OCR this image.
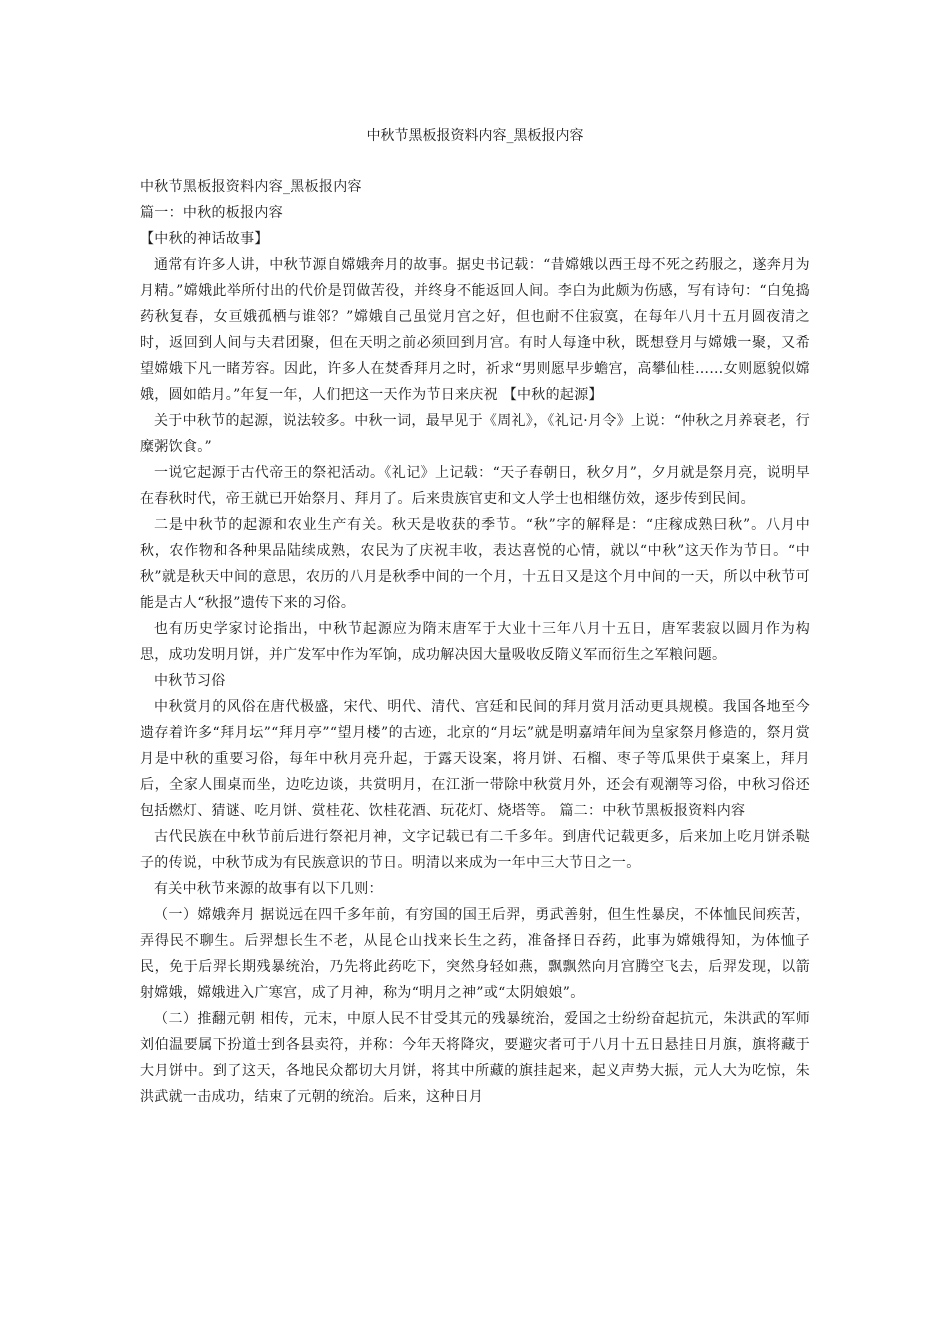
中秋节黑板报资料内容_黑板报内容

中秋节黑板报资料内容_黑板报内容

篇一：中秋的板报内容

【中秋的神话故事】

通常有许多人讲，中秋节源自嫦娥奔月的故事。据史书记载：“昔嫦娥以西王母不死之药服之，遂奔月为月精。”嫦娥此举所付出的代价是罚做苦役，并终身不能返回人间。李白为此颇为伤感，写有诗句：“白兔捣药秋复春，女亘娥孤栖与谁邻？”嫦娥自己虽觉月宫之好，但也耐不住寂寞，在每年八月十五月圆夜清之时，返回到人间与夫君团聚，但在天明之前必须回到月宫。有时人每逢中秋，既想登月与嫦娥一聚，又希望嫦娥下凡一睹芳容。因此，许多人在焚香拜月之时，祈求“男则愿早步蟾宫，高攀仙桂……女则愿貌似嫦娥，圆如皓月。”年复一年，人们把这一天作为节日来庆祝 【中秋的起源】

关于中秋节的起源，说法较多。中秋一词，最早见于《周礼》，《礼记·月令》上说：“仲秋之月养衰老，行糜粥饮食。”

一说它起源于古代帝王的祭祀活动。《礼记》上记载：“天子春朝日，秋夕月”，夕月就是祭月亮，说明早在春秋时代，帝王就已开始祭月、拜月了。后来贵族官吏和文人学士也相继仿效，逐步传到民间。

二是中秋节的起源和农业生产有关。秋天是收获的季节。“秋”字的解释是：“庄稼成熟曰秋”。八月中秋，农作物和各种果品陆续成熟，农民为了庆祝丰收，表达喜悦的心情，就以“中秋”这天作为节日。“中秋”就是秋天中间的意思，农历的八月是秋季中间的一个月，十五日又是这个月中间的一天，所以中秋节可能是古人“秋报”遗传下来的习俗。

也有历史学家讨论指出，中秋节起源应为隋末唐军于大业十三年八月十五日，唐军裴寂以圆月作为构思，成功发明月饼，并广发军中作为军饷，成功解决因大量吸收反隋义军而衍生之军粮问题。

中秋节习俗

中秋赏月的风俗在唐代极盛，宋代、明代、清代、宫廷和民间的拜月赏月活动更具规模。我国各地至今遗存着许多“拜月坛”“拜月亭”“望月楼”的古迹，北京的“月坛”就是明嘉靖年间为皇家祭月修造的，祭月赏月是中秋的重要习俗，每年中秋月亮升起，于露天设案，将月饼、石榴、枣子等瓜果供于桌案上，拜月后，全家人围桌而坐，边吃边谈，共赏明月，在江浙一带除中秋赏月外，还会有观潮等习俗，中秋习俗还包括燃灯、猜谜、吃月饼、赏桂花、饮桂花酒、玩花灯、烧塔等。 篇二：中秋节黑板报资料内容

古代民族在中秋节前后进行祭祀月神，文字记载已有二千多年。到唐代记载更多，后来加上吃月饼杀鞑子的传说，中秋节成为有民族意识的节日。明清以来成为一年中三大节日之一。

有关中秋节来源的故事有以下几则：

（一）嫦娥奔月 据说远在四千多年前，有穷国的国王后羿，勇武善射，但生性暴戾，不体恤民间疾苦，弄得民不聊生。后羿想长生不老，从昆仑山找来长生之药，准备择日吞药，此事为嫦娥得知，为体恤子民，免于后羿长期残暴统治，乃先将此药吃下，突然身轻如燕，飘飘然向月宫腾空飞去，后羿发现，以箭射嫦娥，嫦娥进入广寒宫，成了月神，称为“明月之神”或“太阴娘娘”。

（二）推翻元朝 相传，元末，中原人民不甘受其元的残暴统治，爱国之士纷纷奋起抗元，朱洪武的军师刘伯温要属下扮道士到各县卖符，并称：今年天将降灾，要避灾者可于八月十五日悬挂日月旗，旗将藏于大月饼中。到了这天，各地民众都切大月饼，将其中所藏的旗挂起来，起义声势大振，元人大为吃惊，朱洪武就一击成功，结束了元朝的统治。后来，这种日月
